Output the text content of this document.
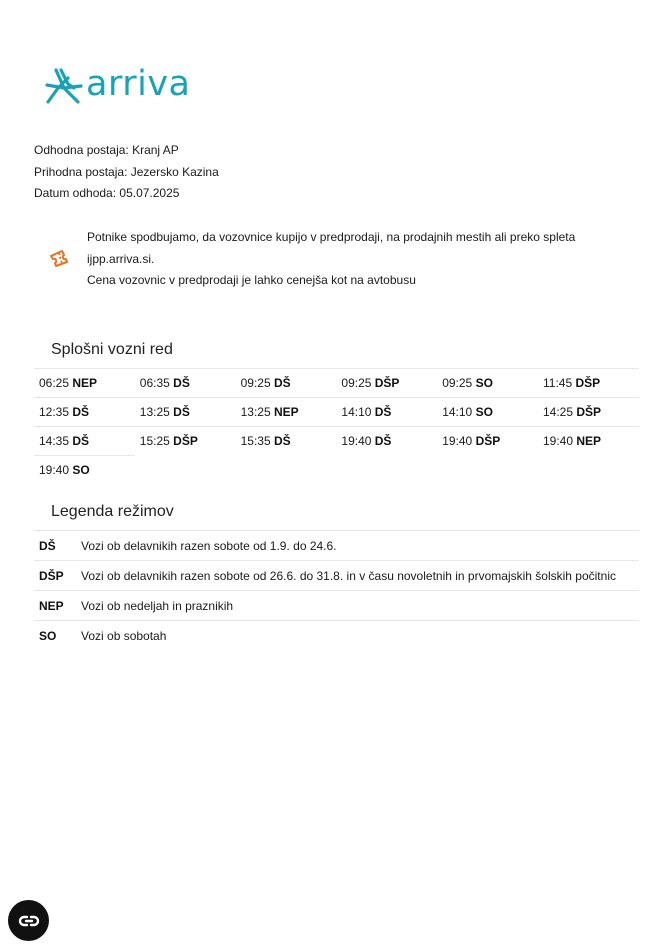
arriva
Odhodna postaja: Kranj AP
Prihodna postaja: Jezersko Kazina
Datum odhoda: 05.07.2025
Potnike spodbujamo, da vozovnice kupijo v predprodaji, na prodajnih mestih ali preko spleta
ijpp.arriva.si.
Cena vozovnic v predprodaji je lahko cenejša kot na avtobusu
Splošni vozni red
06:25 NEP	06:35 DŠ	09:25 DŠ	09:25 DŠP	09:25 SO	11:45 DŠP
12:35 DŠ	13:25 DŠ	13:25 NEP	14:10 DŠ	14:10 SO	14:25 DŠP
14:35 DŠ	15:25 DŠP	15:35 DŠ	19:40 DŠ	19:40 DŠP	19:40 NEP
19:40 SO
Legenda režimov
DŠ	Vozi ob delavnikih razen sobote od 1.9. do 24.6.
DŠP	Vozi ob delavnikih razen sobote od 26.6. do 31.8. in v času novoletnih in prvomajskih šolskih počitnic
NEP	Vozi ob nedeljah in praznikih
SO	Vozi ob sobotah
